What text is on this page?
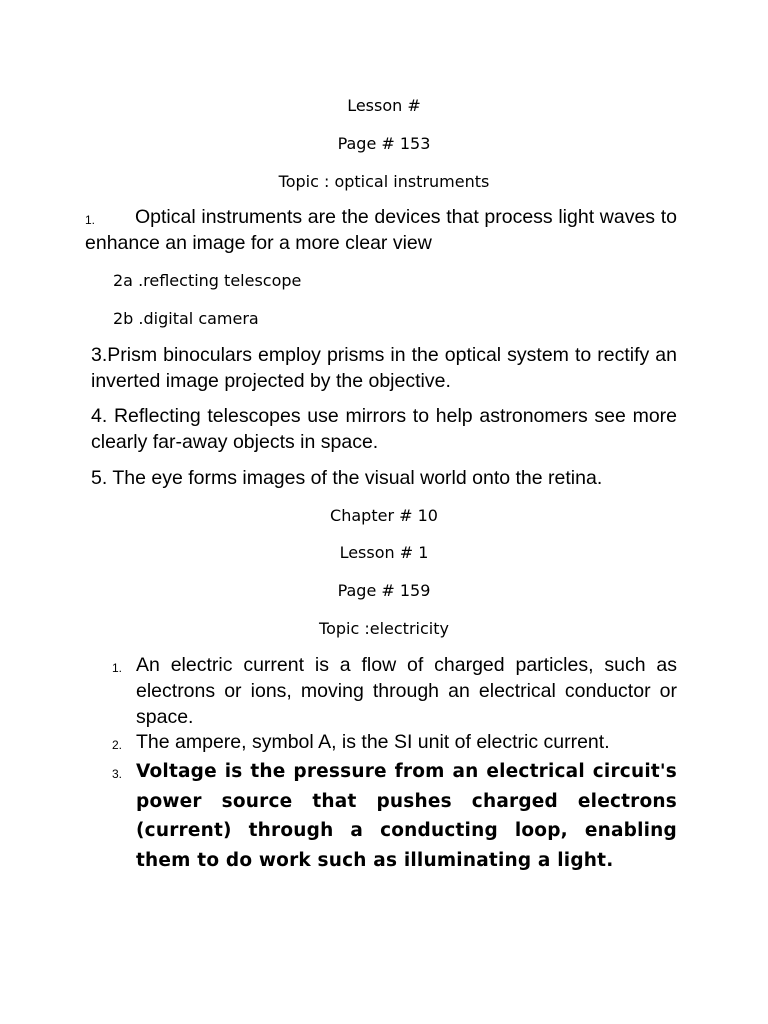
Lesson #
Page # 153
Topic : optical instruments
1.	Optical instruments are the devices that process light waves to enhance an image for a more clear view
2a .reflecting telescope
2b .digital camera
3.Prism binoculars employ prisms in the optical system to rectify an inverted image projected by the objective.
4. Reflecting telescopes use mirrors to help astronomers see more clearly far-away objects in space.
5. The eye forms images of the visual world onto the retina.
Chapter # 10
Lesson # 1
Page # 159
Topic :electricity
1. An electric current is a flow of charged particles, such as electrons or ions, moving through an electrical conductor or space.
2. The ampere, symbol A, is the SI unit of electric current.
3. Voltage is the pressure from an electrical circuit's power source that pushes charged electrons (current) through a conducting loop, enabling them to do work such as illuminating a light.
